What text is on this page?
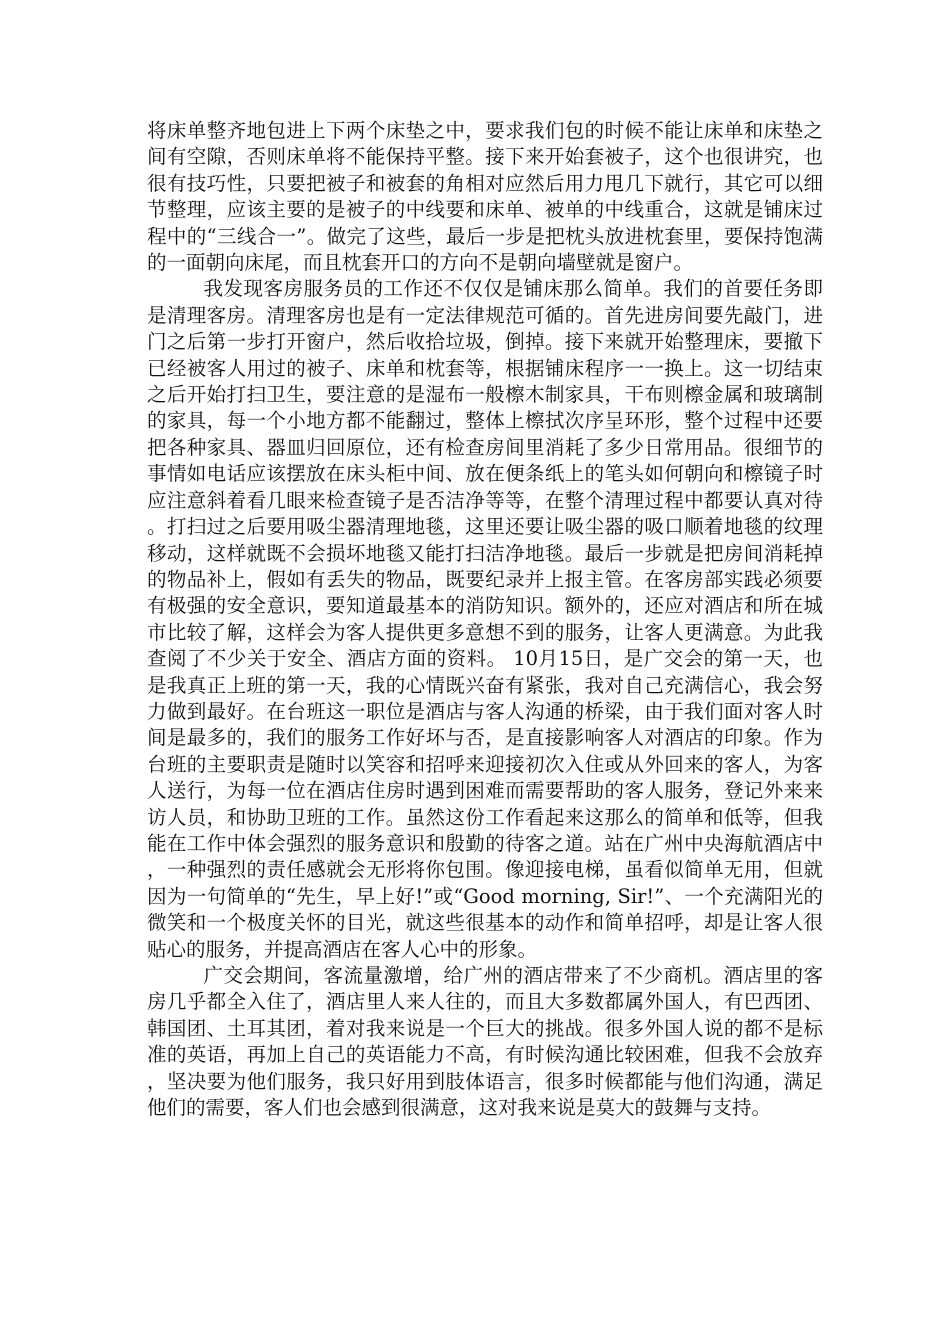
将床单整齐地包进上下两个床垫之中，要求我们包的时候不能让床单和床垫之间有空隙，否则床单将不能保持平整。接下来开始套被子，这个也很讲究，也很有技巧性，只要把被子和被套的角相对应然后用力甩几下就行，其它可以细节整理，应该主要的是被子的中线要和床单、被单的中线重合，这就是铺床过程中的“三线合一”。做完了这些，最后一步是把枕头放进枕套里，要保持饱满的一面朝向床尾，而且枕套开口的方向不是朝向墙壁就是窗户。

我发现客房服务员的工作还不仅仅是铺床那么简单。我们的首要任务即是清理客房。清理客房也是有一定法律规范可循的。首先进房间要先敲门，进门之后第一步打开窗户，然后收拾垃圾，倒掉。接下来就开始整理床，要撤下已经被客人用过的被子、床单和枕套等，根据铺床程序一一换上。这一切结束之后开始打扫卫生，要注意的是湿布一般檫木制家具，干布则檫金属和玻璃制的家具，每一个小地方都不能翻过，整体上檫拭次序呈环形，整个过程中还要把各种家具、器皿归回原位，还有检查房间里消耗了多少日常用品。很细节的事情如电话应该摆放在床头柜中间、放在便条纸上的笔头如何朝向和檫镜子时应注意斜着看几眼来检查镜子是否洁净等等，在整个清理过程中都要认真对待。打扫过之后要用吸尘器清理地毯，这里还要让吸尘器的吸口顺着地毯的纹理移动，这样就既不会损坏地毯又能打扫洁净地毯。最后一步就是把房间消耗掉的物品补上，假如有丢失的物品，既要纪录并上报主管。在客房部实践必须要有极强的安全意识，要知道最基本的消防知识。额外的，还应对酒店和所在城市比较了解，这样会为客人提供更多意想不到的服务，让客人更满意。为此我查阅了不少关于安全、酒店方面的资料。 10月15日，是广交会的第一天，也是我真正上班的第一天，我的心情既兴奋有紧张，我对自己充满信心，我会努力做到最好。在台班这一职位是酒店与客人沟通的桥梁，由于我们面对客人时间是最多的，我们的服务工作好坏与否，是直接影响客人对酒店的印象。作为台班的主要职责是随时以笑容和招呼来迎接初次入住或从外回来的客人，为客人送行，为每一位在酒店住房时遇到困难而需要帮助的客人服务，登记外来来访人员，和协助卫班的工作。虽然这份工作看起来这那么的简单和低等，但我能在工作中体会强烈的服务意识和殷勤的待客之道。站在广州中央海航酒店中，一种强烈的责任感就会无形将你包围。像迎接电梯，虽看似简单无用，但就因为一句简单的“先生，早上好!”或“Good morning, Sir!”、一个充满阳光的微笑和一个极度关怀的目光，就这些很基本的动作和简单招呼，却是让客人很贴心的服务，并提高酒店在客人心中的形象。

广交会期间，客流量激增，给广州的酒店带来了不少商机。酒店里的客房几乎都全入住了，酒店里人来人往的，而且大多数都属外国人，有巴西团、韩国团、土耳其团，着对我来说是一个巨大的挑战。很多外国人说的都不是标准的英语，再加上自己的英语能力不高，有时候沟通比较困难，但我不会放弃，坚决要为他们服务，我只好用到肢体语言，很多时候都能与他们沟通，满足他们的需要，客人们也会感到很满意，这对我来说是莫大的鼓舞与支持。
